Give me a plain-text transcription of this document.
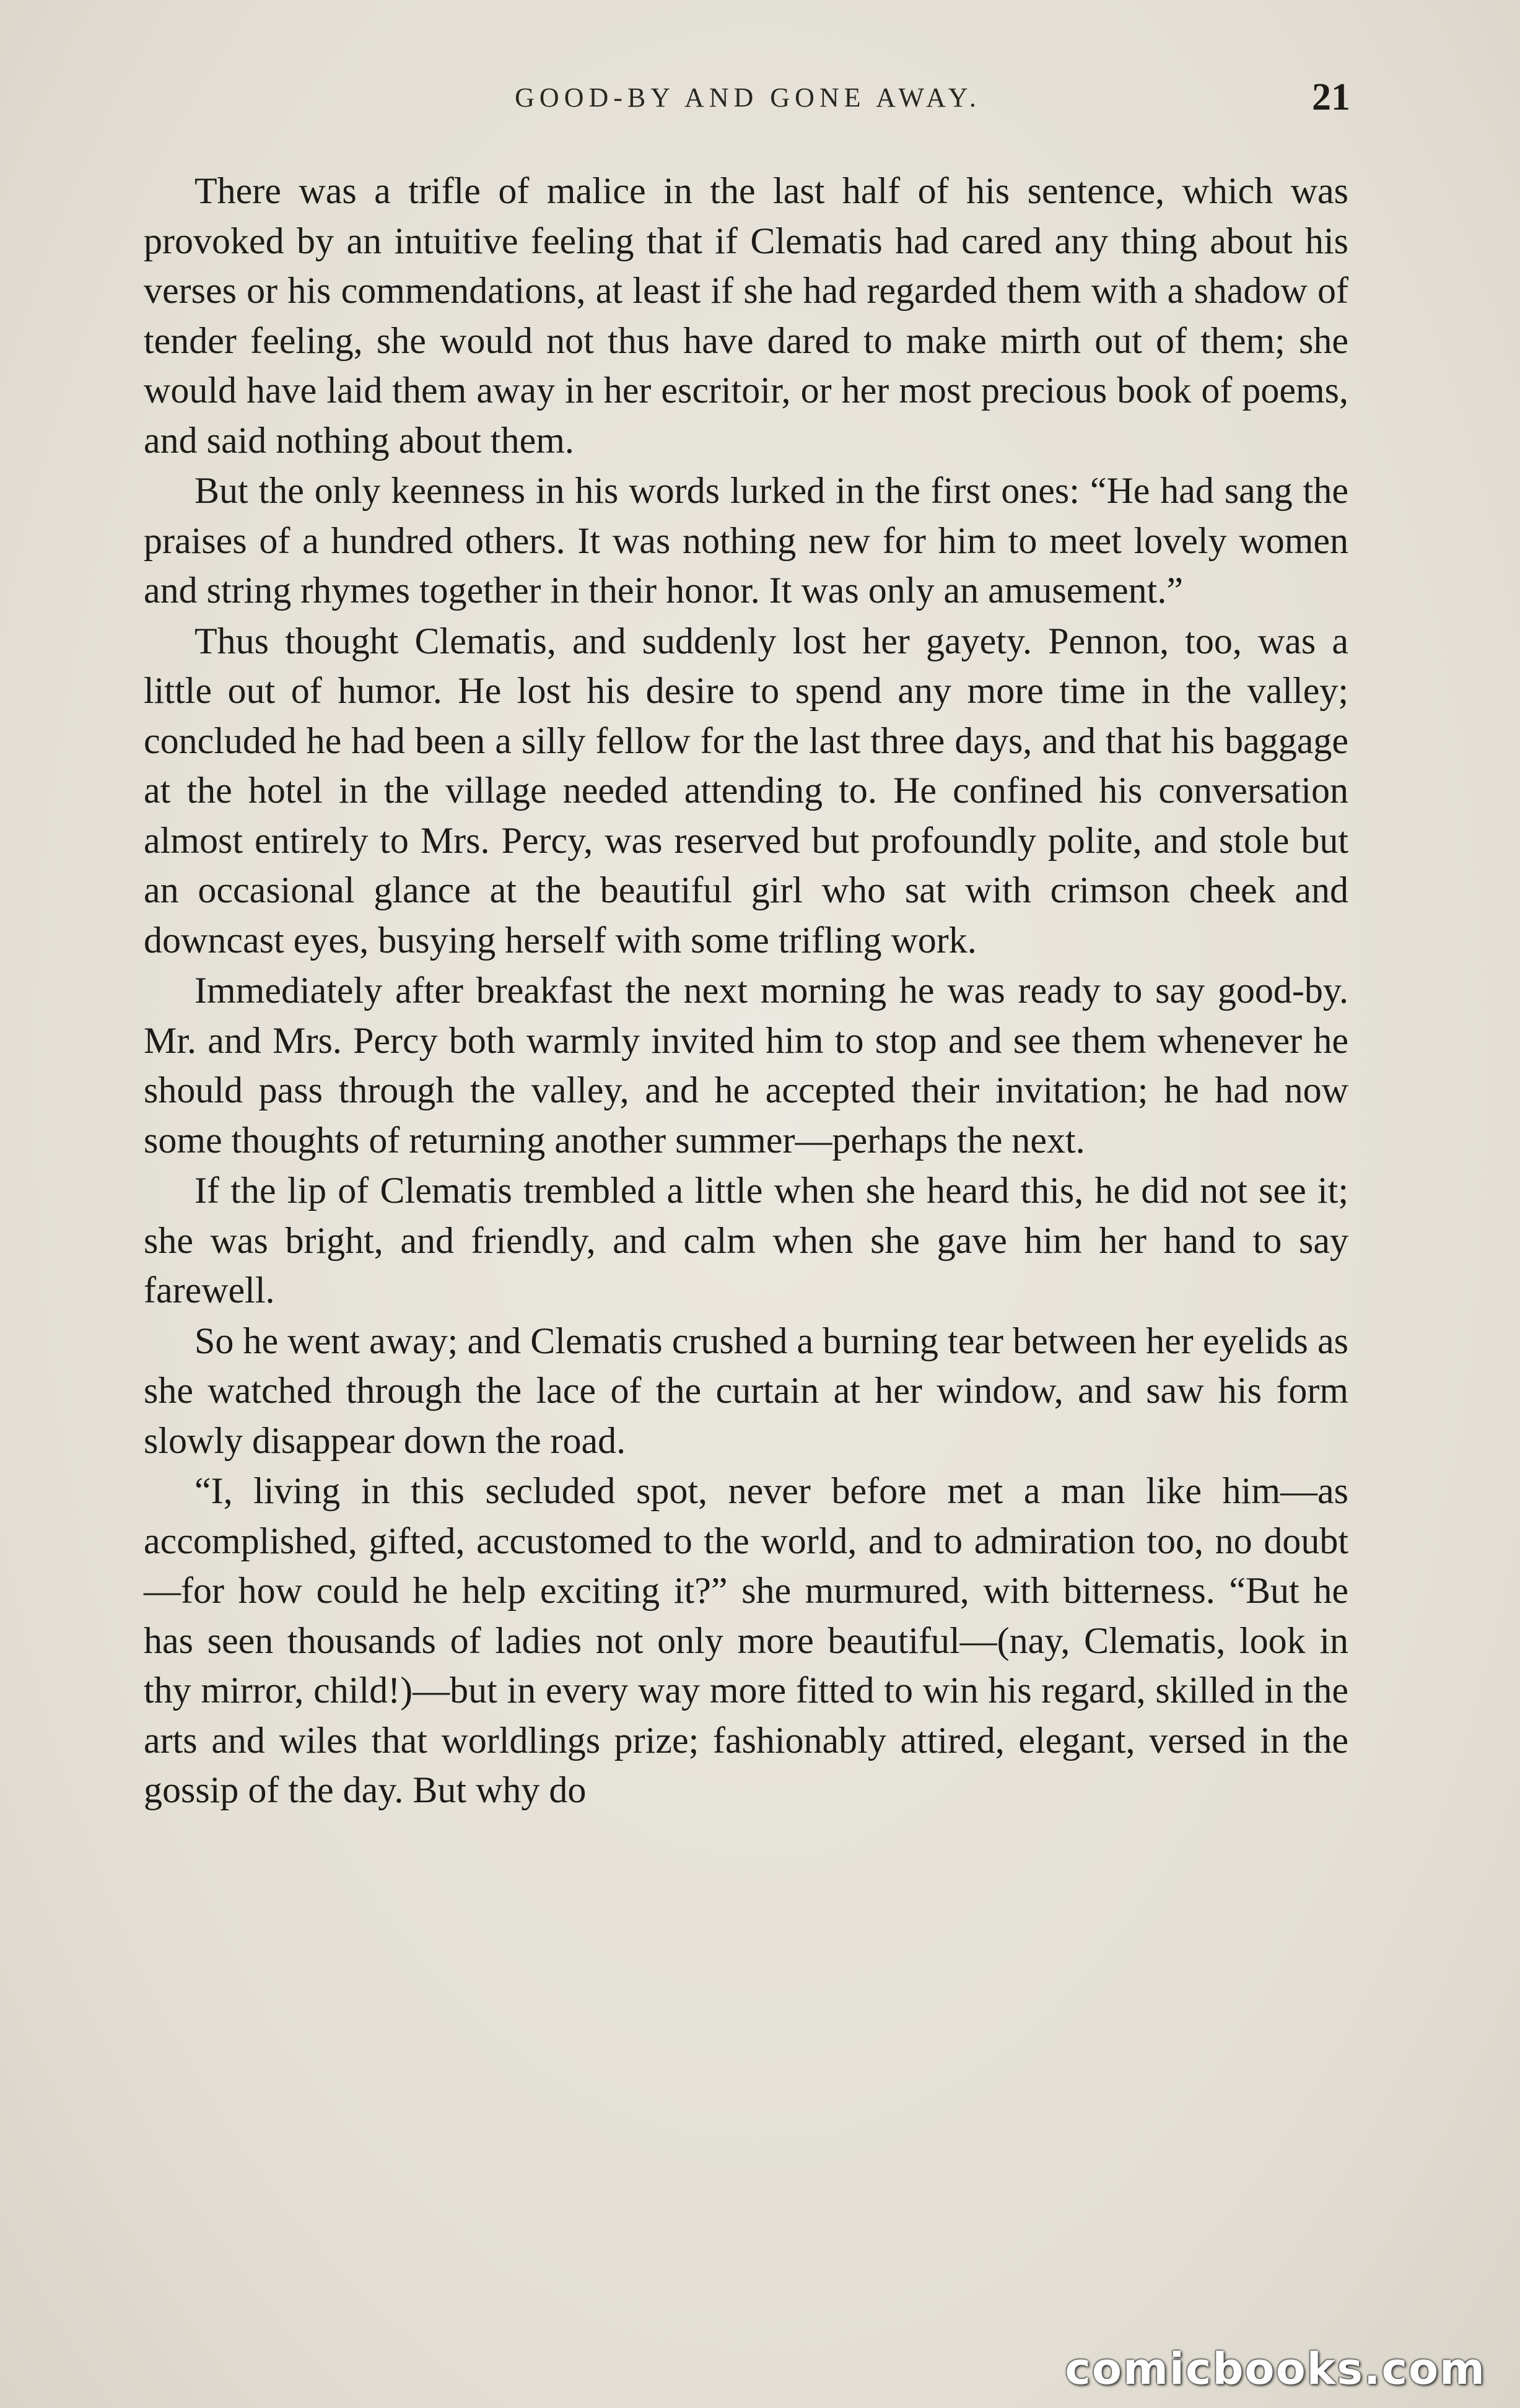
GOOD-BY AND GONE AWAY.	21

There was a trifle of malice in the last half of his sentence, which was provoked by an intuitive feeling that if Clematis had cared any thing about his verses or his commendations, at least if she had regarded them with a shadow of tender feeling, she would not thus have dared to make mirth out of them; she would have laid them away in her escritoir, or her most precious book of poems, and said nothing about them.

But the only keenness in his words lurked in the first ones: “He had sang the praises of a hundred others. It was nothing new for him to meet lovely women and string rhymes together in their honor. It was only an amusement.”

Thus thought Clematis, and suddenly lost her gayety. Pennon, too, was a little out of humor. He lost his desire to spend any more time in the valley; concluded he had been a silly fellow for the last three days, and that his baggage at the hotel in the village needed attending to. He confined his conversation almost entirely to Mrs. Percy, was reserved but profoundly polite, and stole but an occasional glance at the beautiful girl who sat with crimson cheek and downcast eyes, busying herself with some trifling work.

Immediately after breakfast the next morning he was ready to say good-by. Mr. and Mrs. Percy both warmly invited him to stop and see them whenever he should pass through the valley, and he accepted their invitation; he had now some thoughts of returning another summer—perhaps the next.

If the lip of Clematis trembled a little when she heard this, he did not see it; she was bright, and friendly, and calm when she gave him her hand to say farewell.

So he went away; and Clematis crushed a burning tear between her eyelids as she watched through the lace of the curtain at her window, and saw his form slowly disappear down the road.

“I, living in this secluded spot, never before met a man like him—as accomplished, gifted, accustomed to the world, and to admiration too, no doubt—for how could he help exciting it?” she murmured, with bitterness. “But he has seen thousands of ladies not only more beautiful—(nay, Clematis, look in thy mirror, child!)—but in every way more fitted to win his regard, skilled in the arts and wiles that worldlings prize; fashionably attired, elegant, versed in the gossip of the day. But why do

comicbooks.com
